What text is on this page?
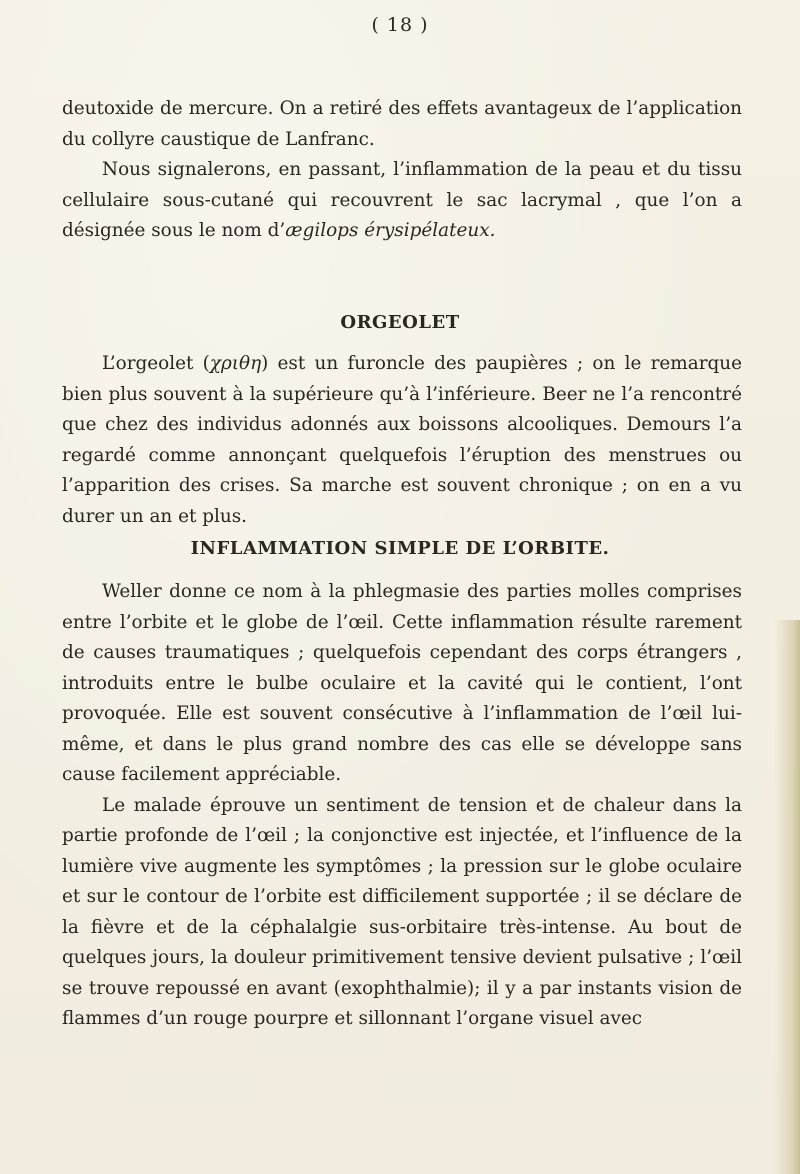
( 18 )

deutoxide de mercure. On a retiré des effets avantageux de l’application du collyre caustique de Lanfranc.

Nous signalerons, en passant, l’inflammation de la peau et du tissu cellulaire sous-cutané qui recouvrent le sac lacrymal , que l’on a désignée sous le nom d’ægilops érysipélateux.

ORGEOLET

L’orgeolet (χριθη) est un furoncle des paupières ; on le remarque bien plus souvent à la supérieure qu’à l’inférieure. Beer ne l’a rencontré que chez des individus adonnés aux boissons alcooliques. Demours l’a regardé comme annonçant quelquefois l’éruption des menstrues ou l’apparition des crises. Sa marche est souvent chronique ; on en a vu durer un an et plus.

INFLAMMATION SIMPLE DE L’ORBITE.

Weller donne ce nom à la phlegmasie des parties molles comprises entre l’orbite et le globe de l’œil. Cette inflammation résulte rarement de causes traumatiques ; quelquefois cependant des corps étrangers , introduits entre le bulbe oculaire et la cavité qui le contient, l’ont provoquée. Elle est souvent consécutive à l’inflammation de l’œil lui-même, et dans le plus grand nombre des cas elle se développe sans cause facilement appréciable.

Le malade éprouve un sentiment de tension et de chaleur dans la partie profonde de l’œil ; la conjonctive est injectée, et l’influence de la lumière vive augmente les symptômes ; la pression sur le globe oculaire et sur le contour de l’orbite est difficilement supportée ; il se déclare de la fièvre et de la céphalalgie sus-orbitaire très-intense. Au bout de quelques jours, la douleur primitivement tensive devient pulsative ; l’œil se trouve repoussé en avant (exophthalmie); il y a par instants vision de flammes d’un rouge pourpre et sillonnant l’organe visuel avec
